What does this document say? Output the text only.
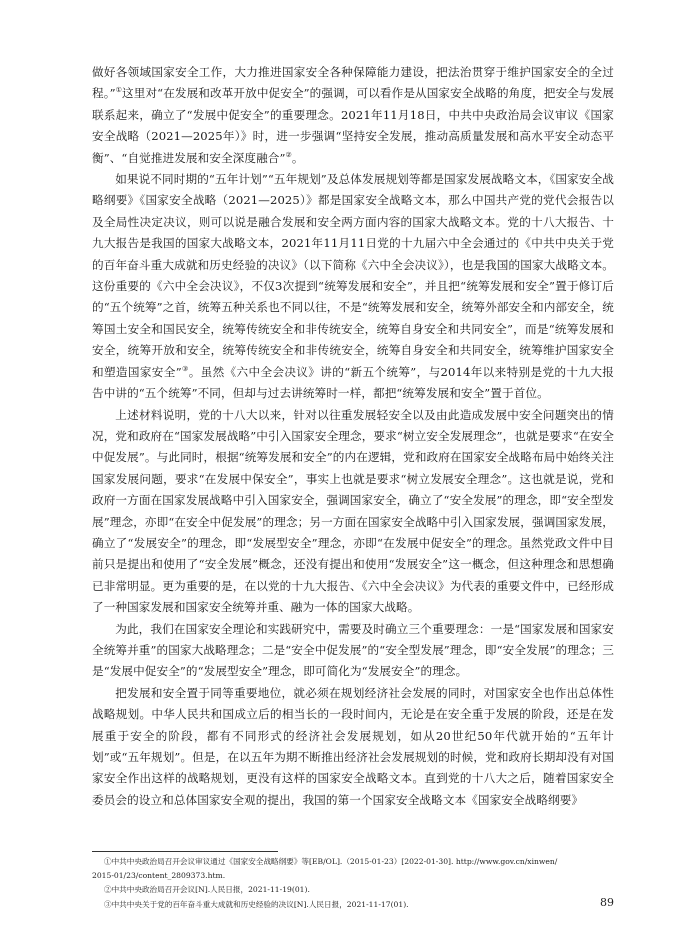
做好各领域国家安全工作，大力推进国家安全各种保障能力建设，把法治贯穿于维护国家安全的全过程。”①这里对“在发展和改革开放中促安全”的强调，可以看作是从国家安全战略的角度，把安全与发展联系起来，确立了“发展中促安全”的重要理念。2021年11月18日，中共中央政治局会议审议《国家安全战略（2021—2025年）》时，进一步强调“坚持安全发展，推动高质量发展和高水平安全动态平衡”、“自觉推进发展和安全深度融合”②。

如果说不同时期的“五年计划”“五年规划”及总体发展规划等都是国家发展战略文本，《国家安全战略纲要》《国家安全战略（2021—2025）》都是国家安全战略文本，那么中国共产党的党代会报告以及全局性决定决议，则可以说是融合发展和安全两方面内容的国家大战略文本。党的十八大报告、十九大报告是我国的国家大战略文本，2021年11月11日党的十九届六中全会通过的《中共中央关于党的百年奋斗重大成就和历史经验的决议》（以下简称《六中全会决议》），也是我国的国家大战略文本。这份重要的《六中全会决议》，不仅3次提到“统筹发展和安全”，并且把“统筹发展和安全”置于修订后的“五个统筹”之首，统筹五种关系也不同以往，不是“统筹发展和安全，统筹外部安全和内部安全，统筹国土安全和国民安全，统筹传统安全和非传统安全，统筹自身安全和共同安全”，而是“统筹发展和安全，统筹开放和安全，统筹传统安全和非传统安全，统筹自身安全和共同安全，统筹维护国家安全和塑造国家安全”③。虽然《六中全会决议》讲的“新五个统筹”，与2014年以来特别是党的十九大报告中讲的“五个统筹”不同，但却与过去讲统筹时一样，都把“统筹发展和安全”置于首位。

上述材料说明，党的十八大以来，针对以往重发展轻安全以及由此造成发展中安全问题突出的情况，党和政府在“国家发展战略”中引入国家安全理念，要求“树立安全发展理念”，也就是要求“在安全中促发展”。与此同时，根据“统筹发展和安全”的内在逻辑，党和政府在国家安全战略布局中始终关注国家发展问题，要求“在发展中保安全”，事实上也就是要求“树立发展安全理念”。这也就是说，党和政府一方面在国家发展战略中引入国家安全，强调国家安全，确立了“安全发展”的理念，即“安全型发展”理念，亦即“在安全中促发展”的理念；另一方面在国家安全战略中引入国家发展，强调国家发展，确立了“发展安全”的理念，即“发展型安全”理念，亦即“在发展中促安全”的理念。虽然党政文件中目前只是提出和使用了“安全发展”概念，还没有提出和使用“发展安全”这一概念，但这种理念和思想确已非常明显。更为重要的是，在以党的十九大报告、《六中全会决议》为代表的重要文件中，已经形成了一种国家发展和国家安全统筹并重、融为一体的国家大战略。

为此，我们在国家安全理论和实践研究中，需要及时确立三个重要理念：一是“国家发展和国家安全统筹并重”的国家大战略理念；二是“安全中促发展”的“安全型发展”理念，即“安全发展”的理念；三是“发展中促安全”的“发展型安全”理念，即可简化为“发展安全”的理念。

把发展和安全置于同等重要地位，就必须在规划经济社会发展的同时，对国家安全也作出总体性战略规划。中华人民共和国成立后的相当长的一段时间内，无论是在安全重于发展的阶段，还是在发展重于安全的阶段，都有不同形式的经济社会发展规划，如从20世纪50年代就开始的“五年计划”或“五年规划”。但是，在以五年为期不断推出经济社会发展规划的时候，党和政府长期却没有对国家安全作出这样的战略规划，更没有这样的国家安全战略文本。直到党的十八大之后，随着国家安全委员会的设立和总体国家安全观的提出，我国的第一个国家安全战略文本《国家安全战略纲要》

①中共中央政治局召开会议审议通过《国家安全战略纲要》等[EB/OL].（2015-01-23）[2022-01-30]. http://www.gov.cn/xinwen/

2015-01/23/content_2809373.htm.

②中共中央政治局召开会议[N].人民日报，2021-11-19(01).

③中共中央关于党的百年奋斗重大成就和历史经验的决议[N].人民日报，2021-11-17(01).	89
